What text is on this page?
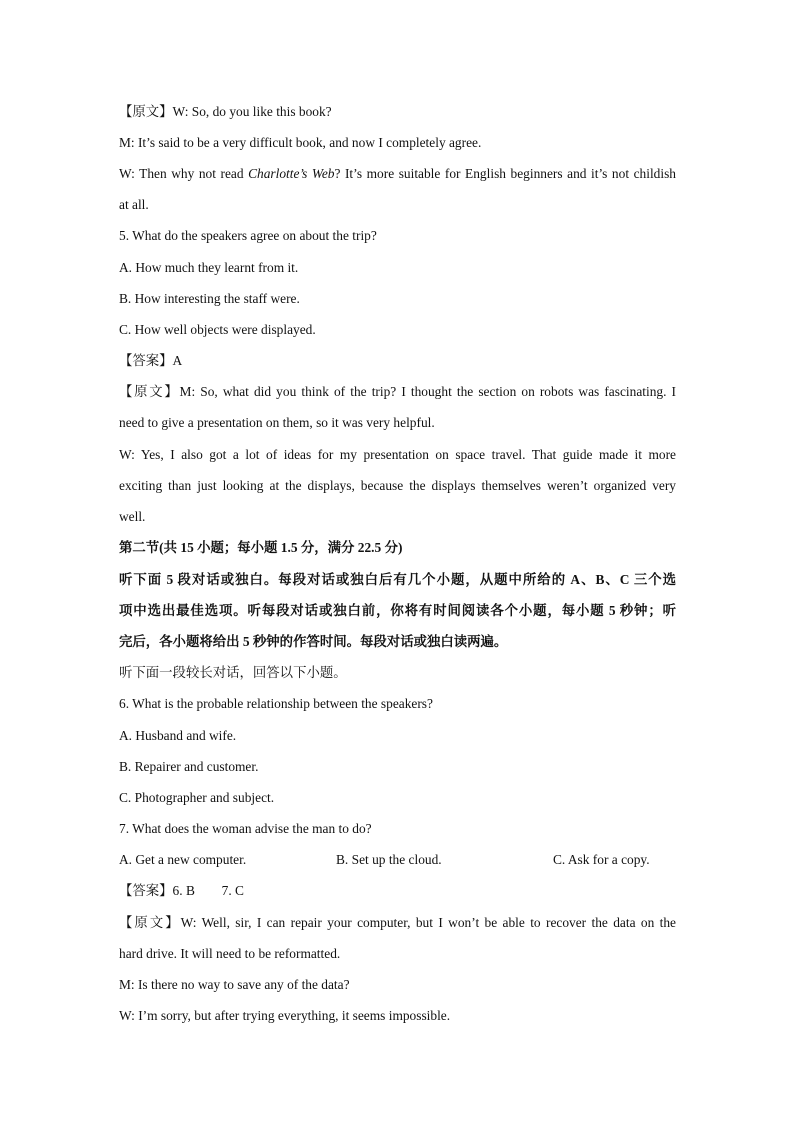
【原文】W: So, do you like this book?
M: It’s said to be a very difficult book, and now I completely agree.
W: Then why not read Charlotte’s Web? It’s more suitable for English beginners and it’s not childish
at all.
5. What do the speakers agree on about the trip?
A. How much they learnt from it.
B. How interesting the staff were.
C. How well objects were displayed.
【答案】A
【原文】M: So, what did you think of the trip? I thought the section on robots was fascinating. I
need to give a presentation on them, so it was very helpful.
W: Yes, I also got a lot of ideas for my presentation on space travel. That guide made it more
exciting than just looking at the displays, because the displays themselves weren’t organized very
well.
第二节(共 15 小题；每小题 1.5 分，满分 22.5 分)
听下面 5 段对话或独白。每段对话或独白后有几个小题，从题中所给的 A、B、C 三个选
项中选出最佳选项。听每段对话或独白前，你将有时间阅读各个小题，每小题 5 秒钟；听
完后，各小题将给出 5 秒钟的作答时间。每段对话或独白读两遍。
听下面一段较长对话，回答以下小题。
6. What is the probable relationship between the speakers?
A. Husband and wife.
B. Repairer and customer.
C. Photographer and subject.
7. What does the woman advise the man to do?
A. Get a new computer.	B. Set up the cloud.	C. Ask for a copy.
【答案】6. B        7. C
【原文】W: Well, sir, I can repair your computer, but I won’t be able to recover the data on the
hard drive. It will need to be reformatted.
M: Is there no way to save any of the data?
W: I’m sorry, but after trying everything, it seems impossible.
